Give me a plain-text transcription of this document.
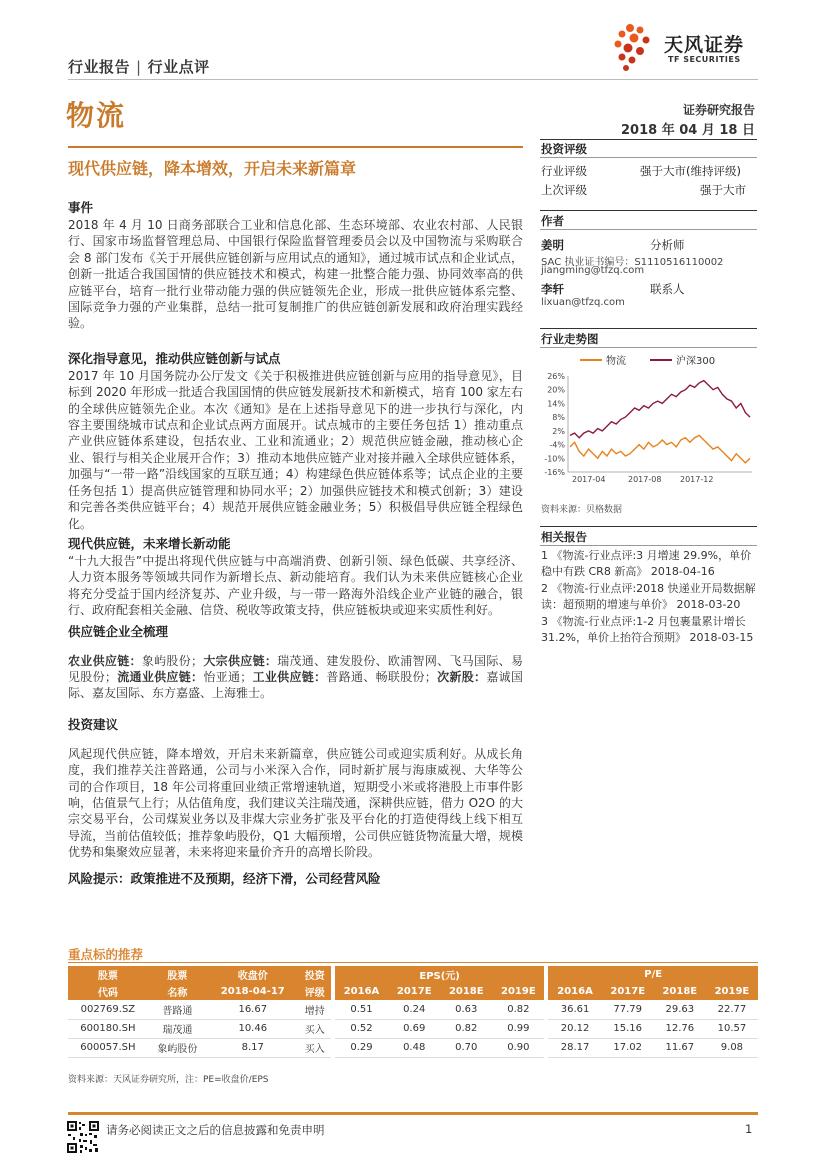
行业报告 | 行业点评
天风证券
TF SECURITIES
物流	证券研究报告
2018 年 04 月 18 日
现代供应链，降本增效，开启未来新篇章
事件

2018 年 4 月 10 日商务部联合工业和信息化部、生态环境部、农业农村部、人民银行、国家市场监督管理总局、中国银行保险监督管理委员会以及中国物流与采购联合会 8 部门发布《关于开展供应链创新与应用试点的通知》，通过城市试点和企业试点，创新一批适合我国国情的供应链技术和模式，构建一批整合能力强、协同效率高的供应链平台，培育一批行业带动能力强的供应链领先企业，形成一批供应链体系完整、国际竞争力强的产业集群，总结一批可复制推广的供应链创新发展和政府治理实践经验。

深化指导意见，推动供应链创新与试点

2017 年 10 月国务院办公厅发文《关于积极推进供应链创新与应用的指导意见》，目标到 2020 年形成一批适合我国国情的供应链发展新技术和新模式，培育 100 家左右的全球供应链领先企业。本次《通知》是在上述指导意见下的进一步执行与深化，内容主要围绕城市试点和企业试点两方面展开。试点城市的主要任务包括 1）推动重点产业供应链体系建设，包括农业、工业和流通业；2）规范供应链金融，推动核心企业、银行与相关企业展开合作；3）推动本地供应链产业对接并融入全球供应链体系，加强与“一带一路”沿线国家的互联互通；4）构建绿色供应链体系等；试点企业的主要任务包括 1）提高供应链管理和协同水平；2）加强供应链技术和模式创新；3）建设和完善各类供应链平台；4）规范开展供应链金融业务；5）积极倡导供应链全程绿色化。

现代供应链，未来增长新动能

“十九大报告”中提出将现代供应链与中高端消费、创新引领、绿色低碳、共享经济、人力资本服务等领域共同作为新增长点、新动能培育。我们认为未来供应链核心企业将充分受益于国内经济复苏、产业升级，与一带一路海外沿线企业产业链的融合，银行、政府配套相关金融、信贷、税收等政策支持，供应链板块或迎来实质性利好。

供应链企业全梳理

农业供应链：象屿股份；大宗供应链：瑞茂通、建发股份、欧浦智网、飞马国际、易见股份；流通业供应链：怡亚通；工业供应链：普路通、畅联股份；次新股：嘉诚国际、嘉友国际、东方嘉盛、上海雅士。

投资建议

风起现代供应链，降本增效，开启未来新篇章，供应链公司或迎实质利好。从成长角度，我们推荐关注普路通，公司与小米深入合作，同时新扩展与海康威视、大华等公司的合作项目，18 年公司将重回业绩正常增速轨道，短期受小米或将港股上市事件影响，估值景气上行；从估值角度，我们建议关注瑞茂通，深耕供应链，借力 O2O 的大宗交易平台，公司煤炭业务以及非煤大宗业务扩张及平台化的打造使得线上线下相互导流，当前估值较低；推荐象屿股份，Q1 大幅预增，公司供应链货物流量大增，规模优势和集聚效应显著，未来将迎来量价齐升的高增长阶段。

风险提示：政策推进不及预期，经济下滑，公司经营风险
投资评级
行业评级	强于大市(维持评级)
上次评级	强于大市
作者
姜明	分析师
SAC 执业证书编号：S1110516110002
jiangming@tfzq.com
李轩	联系人
lixuan@tfzq.com
行业走势图
物流	沪深300
26%
20%
14%
8%
2%
-4%
-10%
-16%
2017-04	2017-08 2017-12
资料来源：贝格数据
相关报告
1 《物流-行业点评:3 月增速 29.9%，单价稳中有跌 CR8 新高》 2018-04-16
2 《物流-行业点评:2018 快递业开局数据解读：超预期的增速与单价》 2018-03-20
3 《物流-行业点评:1-2 月包裹量累计增长 31.2%，单价上抬符合预期》 2018-03-15
重点标的推荐
股票	股票	收盘价	投资		EPS(元)					P/E			
代码	名称	2018-04-17	评级		2016A	2017E	2018E	2019E		2016A	2017E	2018E	2019E
002769.SZ	普路通	16.67	增持		0.51	0.24	0.63	0.82		36.61	77.79	29.63	22.77
600180.SH	瑞茂通	10.46	买入		0.52	0.69	0.82	0.99		20.12	15.16	12.76	10.57
600057.SH	象屿股份	8.17	买入		0.29	0.48	0.70	0.90		28.17	17.02	11.67	9.08
资料来源：天风证券研究所，注：PE=收盘价/EPS
请务必阅读正文之后的信息披露和免责申明	1
